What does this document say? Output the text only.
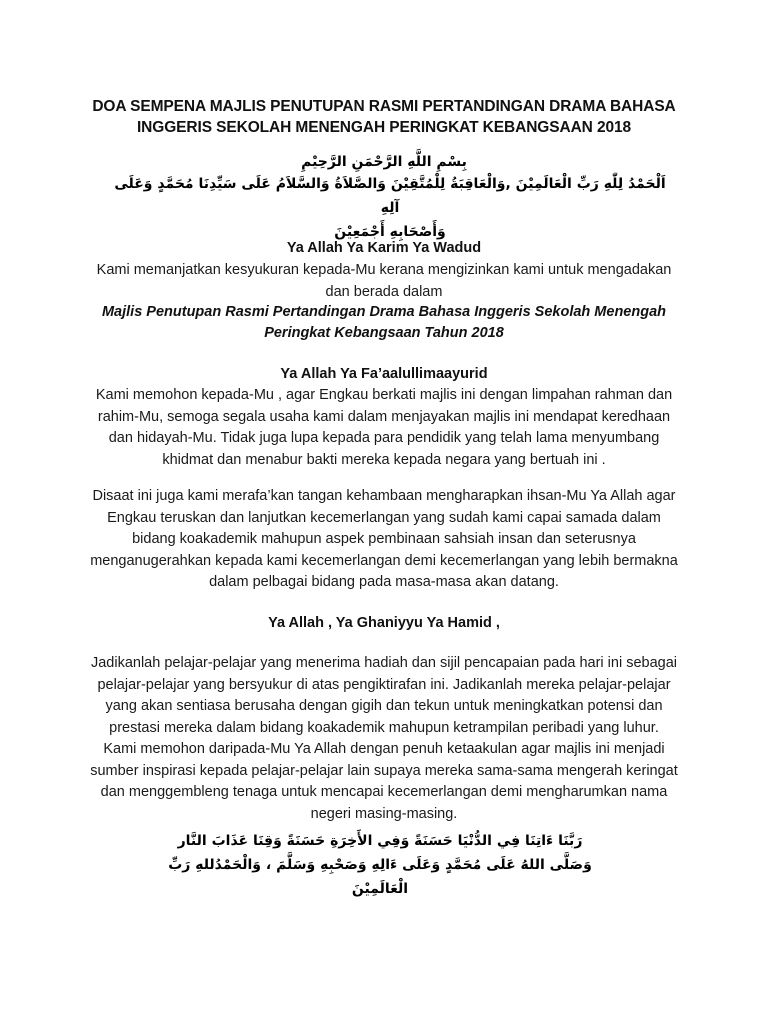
DOA SEMPENA MAJLIS PENUTUPAN RASMI PERTANDINGAN DRAMA BAHASA
INGGERIS SEKOLAH MENENGAH PERINGKAT KEBANGSAAN 2018
بِسْمِ اللَّهِ الرَّحْمَنِ الرَّحِيْمِ
اَلْحَمْدُ لِلّٰهِ رَبِّ الْعَالَمِيْنَ ,وَالْعَاقِبَةُ لِلْمُتَّقِيْنَ وَالصَّلاَةُ وَالسَّلاَمُ عَلَى سَيِّدِنَا مُحَمَّدٍ وَعَلَى آلِهِ
وَأَصْحَابِهِ أَجْمَعِيْنَ
Ya Allah Ya Karim Ya Wadud
Kami memanjatkan kesyukuran kepada-Mu kerana mengizinkan kami untuk mengadakan
dan berada dalam
Majlis Penutupan Rasmi Pertandingan Drama Bahasa Inggeris Sekolah Menengah
Peringkat Kebangsaan Tahun 2018
Ya Allah Ya Fa’aalullimaayurid
Kami memohon kepada-Mu , agar Engkau berkati majlis ini dengan limpahan rahman dan
rahim-Mu, semoga segala usaha kami dalam menjayakan majlis ini mendapat keredhaan
dan hidayah-Mu. Tidak juga lupa kepada para pendidik yang telah lama menyumbang
khidmat dan menabur bakti mereka kepada negara yang bertuah ini .
Disaat ini juga kami merafa’kan tangan kehambaan mengharapkan ihsan-Mu Ya Allah agar
Engkau teruskan dan lanjutkan kecemerlangan yang sudah kami capai samada dalam
bidang koakademik mahupun aspek pembinaan sahsiah insan dan seterusnya
menganugerahkan kepada kami kecemerlangan demi kecemerlangan yang lebih bermakna
dalam pelbagai bidang pada masa-masa akan datang.
Ya Allah , Ya Ghaniyyu Ya Hamid ,
Jadikanlah pelajar-pelajar yang menerima hadiah dan sijil pencapaian pada hari ini sebagai
pelajar-pelajar yang bersyukur di atas pengiktirafan ini. Jadikanlah mereka pelajar-pelajar
yang akan sentiasa berusaha dengan gigih dan tekun untuk meningkatkan potensi dan
prestasi mereka dalam bidang koakademik mahupun ketrampilan peribadi yang luhur.
Kami memohon daripada-Mu Ya Allah dengan penuh ketaakulan agar majlis ini menjadi
sumber inspirasi kepada pelajar-pelajar lain supaya mereka sama-sama mengerah keringat
dan menggembleng tenaga untuk mencapai kecemerlangan demi mengharumkan nama
negeri masing-masing.
رَبَّنَا ءَاتِنَا فِي الدُّنْيَا حَسَنَةً وَفِي الأَخِرَةِ حَسَنَةً وَقِنَا عَذَابَ النَّار
وَصَلَّى اللهُ عَلَى مُحَمَّدٍ وَعَلَى ءَالِهِ وَصَحْبِهِ وَسَلَّمَ ، وَالْحَمْدُللهِ رَبِّ الْعَالَمِيْنَ
